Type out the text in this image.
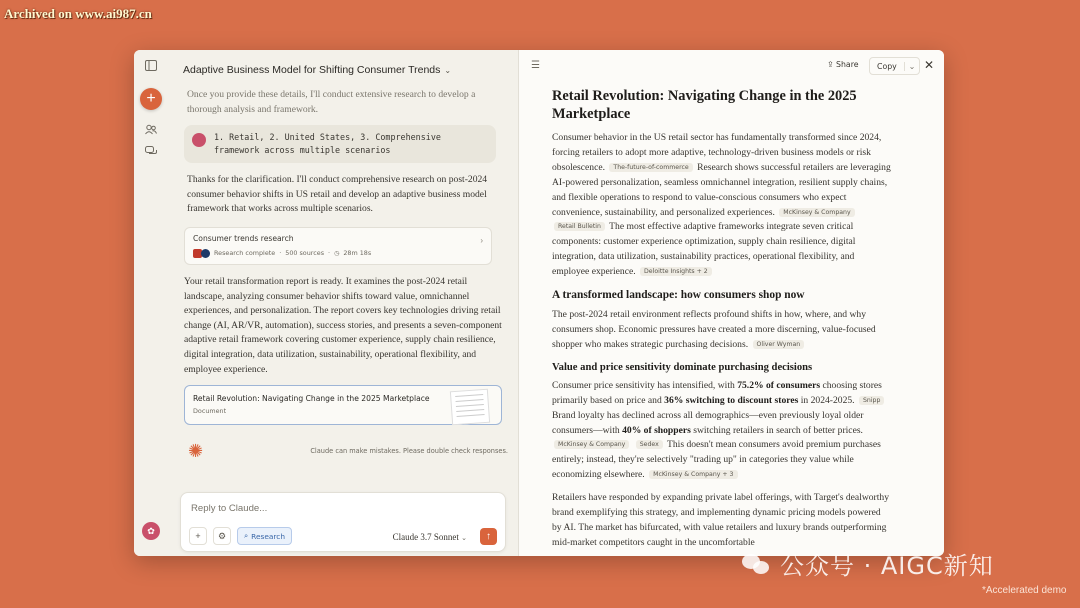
Archived on www.ai987.cn
+
✿
Adaptive Business Model for Shifting Consumer Trends ⌄

Once you provide these details, I'll conduct extensive research to develop a thorough analysis and framework.

1. Retail, 2. United States, 3. Comprehensive framework across multiple scenarios

Thanks for the clarification. I'll conduct comprehensive research on post-2024 consumer behavior shifts in US retail and develop an adaptive business model framework that works across multiple scenarios.

Consumer trends research
Research complete · 500 sources · ◷ 28m 18s
›

Your retail transformation report is ready. It examines the post-2024 retail landscape, analyzing consumer behavior shifts toward value, omnichannel experiences, and personalization. The report covers key technologies driving retail change (AI, AR/VR, automation), success stories, and presents a seven-component adaptive retail framework covering customer experience, supply chain resilience, digital integration, data utilization, sustainability, operational flexibility, and employee experience.

Retail Revolution: Navigating Change in the 2025 Marketplace
Document
✺	Claude can make mistakes. Please double check responses.
Reply to Claude...
+	⚙	⌕ Research	Claude 3.7 Sonnet ⌄	↑
☰	⇪ Share	Copy	⌄ ✕
Retail Revolution: Navigating Change in the 2025 Marketplace

Consumer behavior in the US retail sector has fundamentally transformed since 2024, forcing retailers to adopt more adaptive, technology-driven business models or risk obsolescence. The-future-of-commerce Research shows successful retailers are leveraging AI-powered personalization, seamless omnichannel integration, resilient supply chains, and flexible operations to respond to value-conscious consumers who expect convenience, sustainability, and personalized experiences. McKinsey & Company Retail Bulletin The most effective adaptive frameworks integrate seven critical components: customer experience optimization, supply chain resilience, digital integration, data utilization, sustainability practices, operational flexibility, and employee experience. Deloitte Insights + 2

A transformed landscape: how consumers shop now

The post-2024 retail environment reflects profound shifts in how, where, and why consumers shop. Economic pressures have created a more discerning, value-focused shopper who makes strategic purchasing decisions. Oliver Wyman

Value and price sensitivity dominate purchasing decisions

Consumer price sensitivity has intensified, with 75.2% of consumers choosing stores primarily based on price and 36% switching to discount stores in 2024-2025. Snipp Brand loyalty has declined across all demographics—even previously loyal older consumers—with 40% of shoppers switching retailers in search of better prices. McKinsey & Company Sedex This doesn't mean consumers avoid premium purchases entirely; instead, they're selectively "trading up" in categories they value while economizing elsewhere. McKinsey & Company + 3

Retailers have responded by expanding private label offerings, with Target's dealworthy brand exemplifying this strategy, and implementing dynamic pricing models powered by AI. The market has bifurcated, with value retailers and luxury brands outperforming mid-market competitors caught in the uncomfortable

公众号 · AIGC新知
*Accelerated demo
